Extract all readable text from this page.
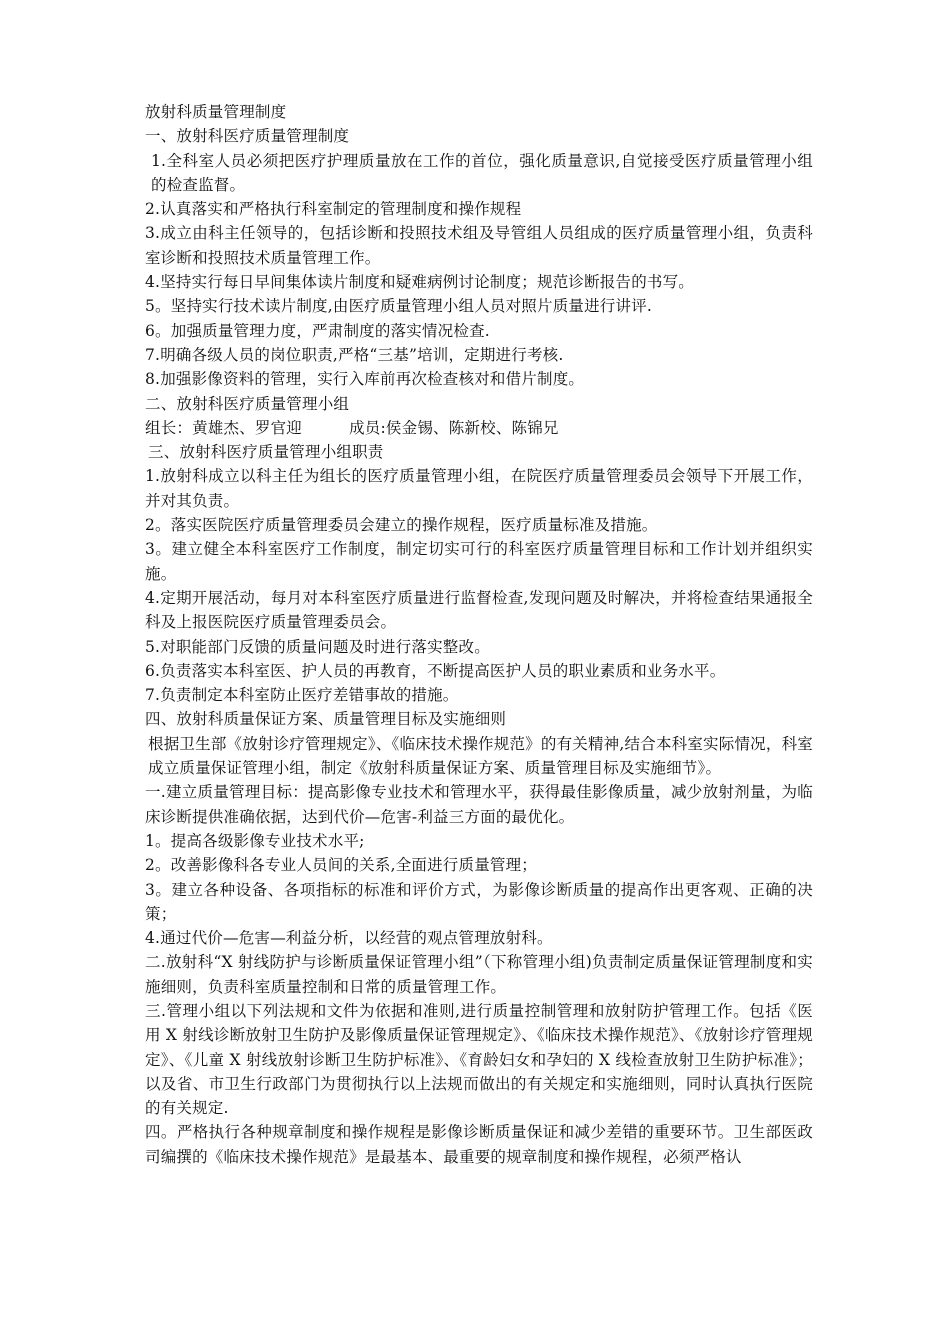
放射科质量管理制度

一、放射科医疗质量管理制度

1.全科室人员必须把医疗护理质量放在工作的首位，强化质量意识,自觉接受医疗质量管理小组的检查监督。

2.认真落实和严格执行科室制定的管理制度和操作规程

3.成立由科主任领导的，包括诊断和投照技术组及导管组人员组成的医疗质量管理小组，负责科室诊断和投照技术质量管理工作。

4.坚持实行每日早间集体读片制度和疑难病例讨论制度；规范诊断报告的书写。

5。坚持实行技术读片制度,由医疗质量管理小组人员对照片质量进行讲评.

6。加强质量管理力度，严肃制度的落实情况检查.

7.明确各级人员的岗位职责,严格“三基”培训，定期进行考核.

8.加强影像资料的管理，实行入库前再次检查核对和借片制度。

二、放射科医疗质量管理小组

组长：黄雄杰、罗官迎　　　成员:侯金锡、陈新校、陈锦兄

三、放射科医疗质量管理小组职责

1.放射科成立以科主任为组长的医疗质量管理小组，在院医疗质量管理委员会领导下开展工作，并对其负责。

2。落实医院医疗质量管理委员会建立的操作规程，医疗质量标准及措施。

3。建立健全本科室医疗工作制度，制定切实可行的科室医疗质量管理目标和工作计划并组织实施。

4.定期开展活动，每月对本科室医疗质量进行监督检查,发现问题及时解决，并将检查结果通报全科及上报医院医疗质量管理委员会。

5.对职能部门反馈的质量问题及时进行落实整改。

6.负责落实本科室医、护人员的再教育，不断提高医护人员的职业素质和业务水平。

7.负责制定本科室防止医疗差错事故的措施。

四、放射科质量保证方案、质量管理目标及实施细则

根据卫生部《放射诊疗管理规定》、《临床技术操作规范》的有关精神,结合本科室实际情况，科室成立质量保证管理小组，制定《放射科质量保证方案、质量管理目标及实施细节》。

一.建立质量管理目标：提高影像专业技术和管理水平，获得最佳影像质量，减少放射剂量，为临床诊断提供准确依据，达到代价—危害-利益三方面的最优化。

1。提高各级影像专业技术水平;

2。改善影像科各专业人员间的关系,全面进行质量管理；

3。建立各种设备、各项指标的标准和评价方式，为影像诊断质量的提高作出更客观、正确的决策；

4.通过代价—危害—利益分析，以经营的观点管理放射科。

二.放射科“X 射线防护与诊断质量保证管理小组”（下称管理小组)负责制定质量保证管理制度和实施细则，负责科室质量控制和日常的质量管理工作。

三.管理小组以下列法规和文件为依据和准则,进行质量控制管理和放射防护管理工作。包括《医用 X 射线诊断放射卫生防护及影像质量保证管理规定》、《临床技术操作规范》、《放射诊疗管理规定》、《儿童 X 射线放射诊断卫生防护标准》、《育龄妇女和孕妇的 X 线检查放射卫生防护标准》；以及省、市卫生行政部门为贯彻执行以上法规而做出的有关规定和实施细则，同时认真执行医院的有关规定.

四。严格执行各种规章制度和操作规程是影像诊断质量保证和减少差错的重要环节。卫生部医政司编撰的《临床技术操作规范》是最基本、最重要的规章制度和操作规程，必须严格认
